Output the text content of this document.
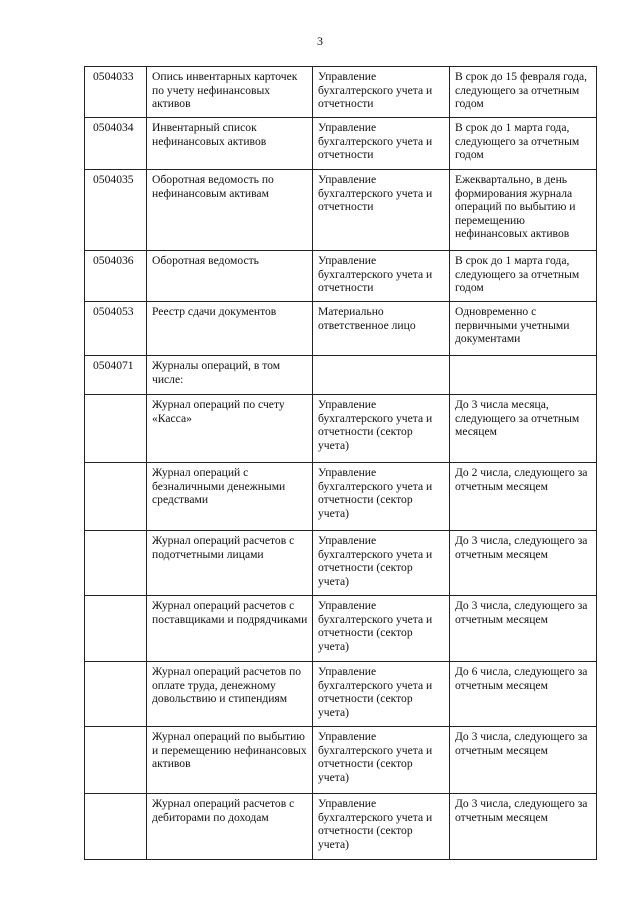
3
0504033	Опись инвентарных карточек по учету нефинансовых активов	Управление бухгалтерского учета и отчетности	В срок до 15 февраля года, следующего за отчетным годом
0504034	Инвентарный список нефинансовых активов	Управление бухгалтерского учета и отчетности	В срок до 1 марта года, следующего за отчетным годом
0504035	Оборотная ведомость по нефинансовым активам	Управление бухгалтерского учета и отчетности	Ежеквартально, в день формирования журнала операций по выбытию и перемещению нефинансовых активов
0504036	Оборотная ведомость	Управление бухгалтерского учета и отчетности	В срок до 1 марта года, следующего за отчетным годом
0504053	Реестр сдачи документов	Материально ответственное лицо	Одновременно с первичными учетными документами
0504071	Журналы операций, в том числе:		
	Журнал операций по счету «Касса»	Управление бухгалтерского учета и отчетности (сектор учета)	До 3 числа месяца, следующего за отчетным месяцем
	Журнал операций с безналичными денежными средствами	Управление бухгалтерского учета и отчетности (сектор учета)	До 2 числа, следующего за отчетным месяцем
	Журнал операций расчетов с подотчетными лицами	Управление бухгалтерского учета и отчетности (сектор учета)	До 3 числа, следующего за отчетным месяцем
	Журнал операций расчетов с поставщиками и подрядчиками	Управление бухгалтерского учета и отчетности (сектор учета)	До 3 числа, следующего за отчетным месяцем
	Журнал операций расчетов по оплате труда, денежному довольствию и стипендиям	Управление бухгалтерского учета и отчетности (сектор учета)	До 6 числа, следующего за отчетным месяцем
	Журнал операций по выбытию и перемещению нефинансовых активов	Управление бухгалтерского учета и отчетности (сектор учета)	До 3 числа, следующего за отчетным месяцем
	Журнал операций расчетов с дебиторами по доходам	Управление бухгалтерского учета и отчетности (сектор учета)	До 3 числа, следующего за отчетным месяцем
